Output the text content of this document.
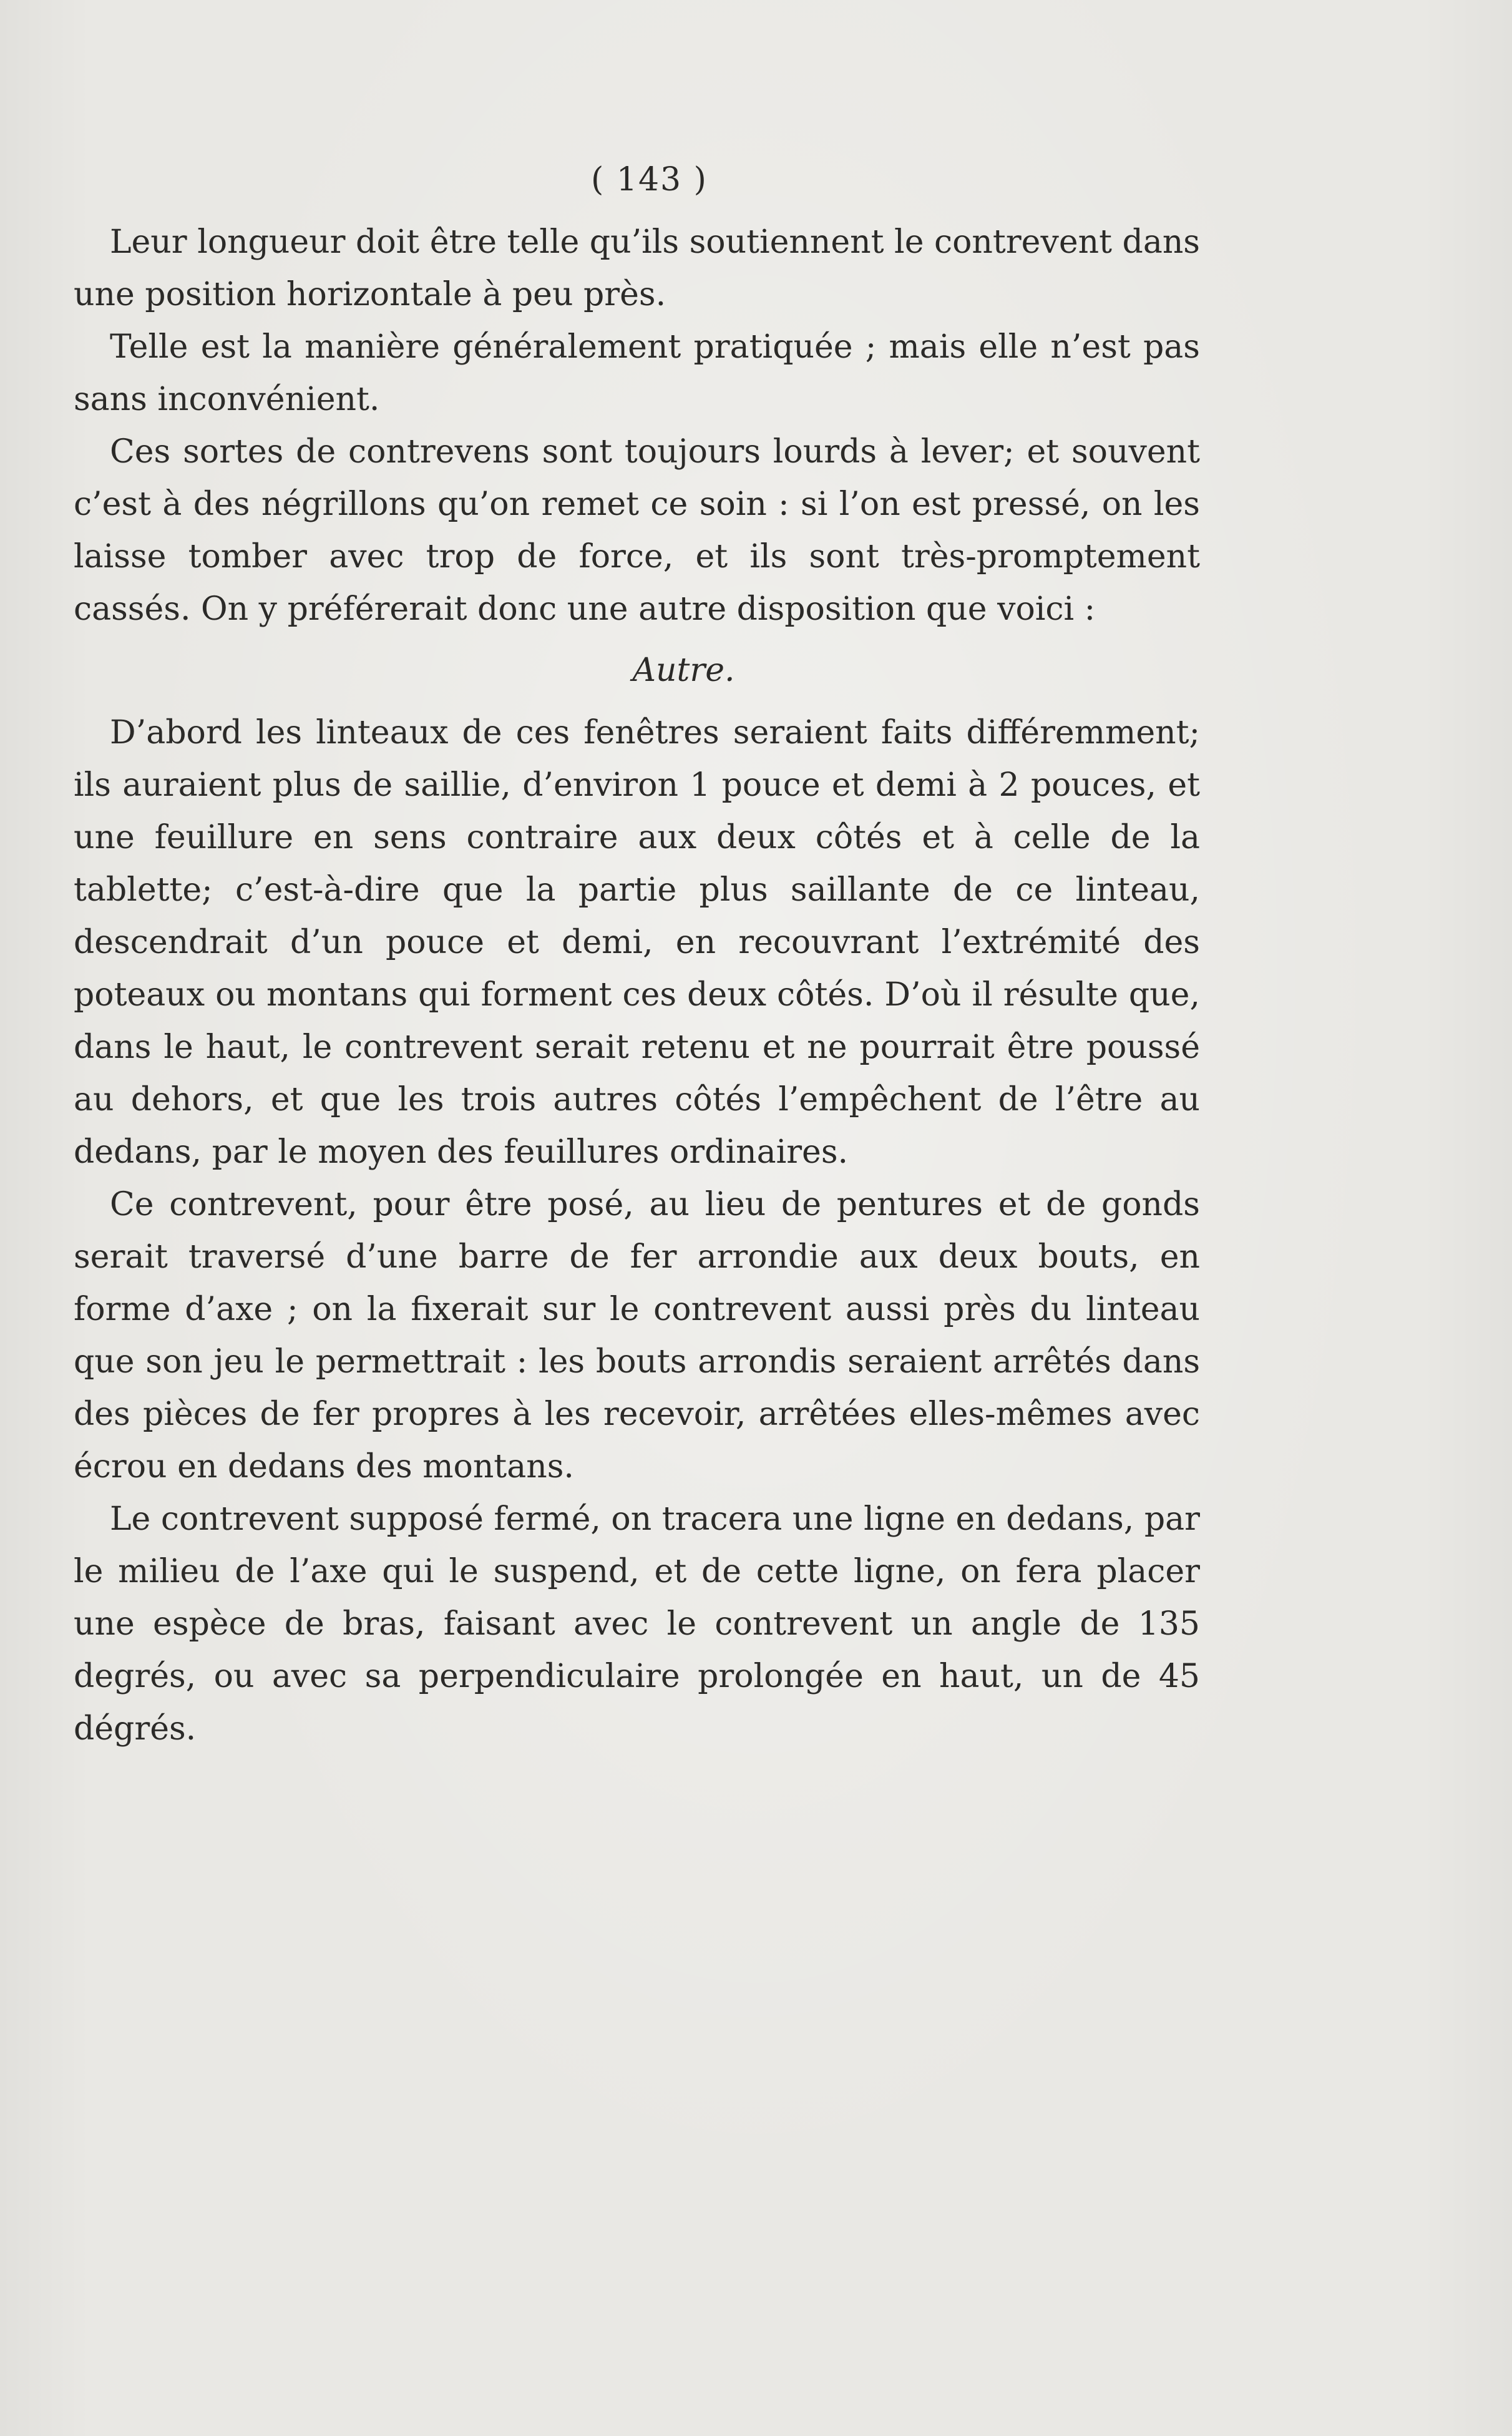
( 143 )

Leur longueur doit être telle qu’ils soutiennent le contrevent dans une position horizontale à peu près.

Telle est la manière généralement pratiquée ; mais elle n’est pas sans inconvénient.

Ces sortes de contrevens sont toujours lourds à lever; et souvent c’est à des négrillons qu’on remet ce soin : si l’on est pressé, on les laisse tomber avec trop de force, et ils sont très-promptement cassés. On y préférerait donc une autre disposition que voici :

Autre.

D’abord les linteaux de ces fenêtres seraient faits différemment; ils auraient plus de saillie, d’environ 1 pouce et demi à 2 pouces, et une feuillure en sens contraire aux deux côtés et à celle de la tablette; c’est-à-dire que la partie plus saillante de ce linteau, descendrait d’un pouce et demi, en recouvrant l’extrémité des poteaux ou montans qui forment ces deux côtés. D’où il résulte que, dans le haut, le contrevent serait retenu et ne pourrait être poussé au dehors, et que les trois autres côtés l’empêchent de l’être au dedans, par le moyen des feuillures ordinaires.

Ce contrevent, pour être posé, au lieu de pentures et de gonds serait traversé d’une barre de fer arrondie aux deux bouts, en forme d’axe ; on la fixerait sur le contrevent aussi près du linteau que son jeu le permettrait : les bouts arrondis seraient arrêtés dans des pièces de fer propres à les recevoir, arrêtées elles-mêmes avec écrou en dedans des montans.

Le contrevent supposé fermé, on tracera une ligne en dedans, par le milieu de l’axe qui le suspend, et de cette ligne, on fera placer une espèce de bras, faisant avec le contrevent un angle de 135 degrés, ou avec sa perpendiculaire prolongée en haut, un de 45 dégrés.
